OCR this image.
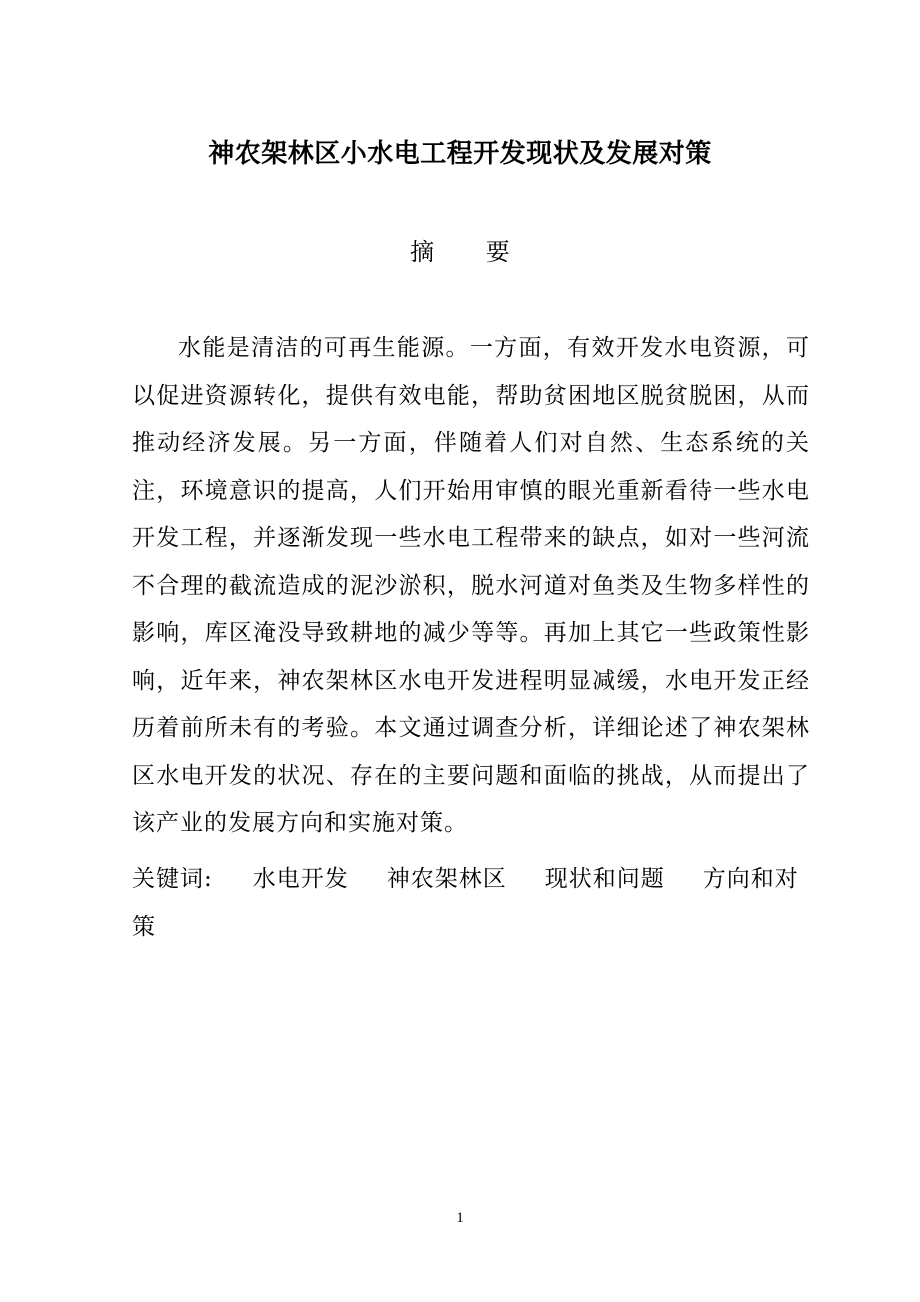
神农架林区小水电工程开发现状及发展对策
摘 要

水能是清洁的可再生能源。一方面，有效开发水电资源，可以促进资源转化，提供有效电能，帮助贫困地区脱贫脱困，从而推动经济发展。另一方面，伴随着人们对自然、生态系统的关注，环境意识的提高，人们开始用审慎的眼光重新看待一些水电开发工程，并逐渐发现一些水电工程带来的缺点，如对一些河流不合理的截流造成的泥沙淤积，脱水河道对鱼类及生物多样性的影响，库区淹没导致耕地的减少等等。再加上其它一些政策性影响，近年来，神农架林区水电开发进程明显减缓，水电开发正经历着前所未有的考验。本文通过调查分析，详细论述了神农架林区水电开发的状况、存在的主要问题和面临的挑战，从而提出了该产业的发展方向和实施对策。

关键词: 水电开发 神农架林区 现状和问题 方向和对策
1
